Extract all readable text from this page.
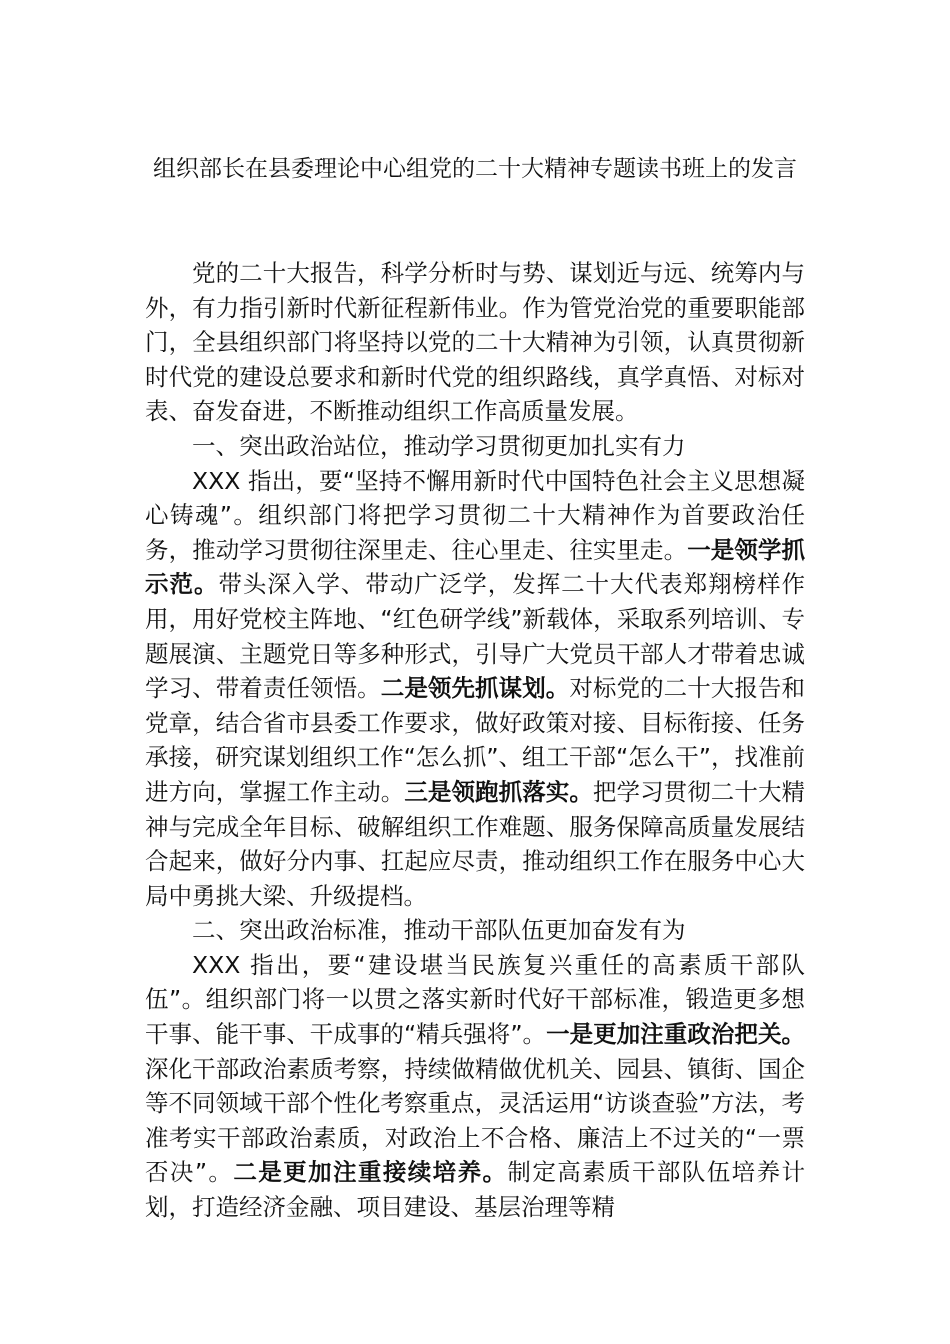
组织部长在县委理论中心组党的二十大精神专题读书班上的发言

党的二十大报告，科学分析时与势、谋划近与远、统筹内与外，有力指引新时代新征程新伟业。作为管党治党的重要职能部门，全县组织部门将坚持以党的二十大精神为引领，认真贯彻新时代党的建设总要求和新时代党的组织路线，真学真悟、对标对表、奋发奋进，不断推动组织工作高质量发展。

一、突出政治站位，推动学习贯彻更加扎实有力

XXX 指出，要“坚持不懈用新时代中国特色社会主义思想凝心铸魂”。组织部门将把学习贯彻二十大精神作为首要政治任务，推动学习贯彻往深里走、往心里走、往实里走。一是领学抓示范。带头深入学、带动广泛学，发挥二十大代表郑翔榜样作用，用好党校主阵地、“红色研学线”新载体，采取系列培训、专题展演、主题党日等多种形式，引导广大党员干部人才带着忠诚学习、带着责任领悟。二是领先抓谋划。对标党的二十大报告和党章，结合省市县委工作要求，做好政策对接、目标衔接、任务承接，研究谋划组织工作“怎么抓”、组工干部“怎么干”，找准前进方向，掌握工作主动。三是领跑抓落实。把学习贯彻二十大精神与完成全年目标、破解组织工作难题、服务保障高质量发展结合起来，做好分内事、扛起应尽责，推动组织工作在服务中心大局中勇挑大梁、升级提档。

二、突出政治标准，推动干部队伍更加奋发有为

XXX 指出，要“建设堪当民族复兴重任的高素质干部队伍”。组织部门将一以贯之落实新时代好干部标准，锻造更多想干事、能干事、干成事的“精兵强将”。一是更加注重政治把关。深化干部政治素质考察，持续做精做优机关、园县、镇街、国企等不同领域干部个性化考察重点，灵活运用“访谈查验”方法，考准考实干部政治素质，对政治上不合格、廉洁上不过关的“一票否决”。二是更加注重接续培养。制定高素质干部队伍培养计划，打造经济金融、项目建设、基层治理等精
